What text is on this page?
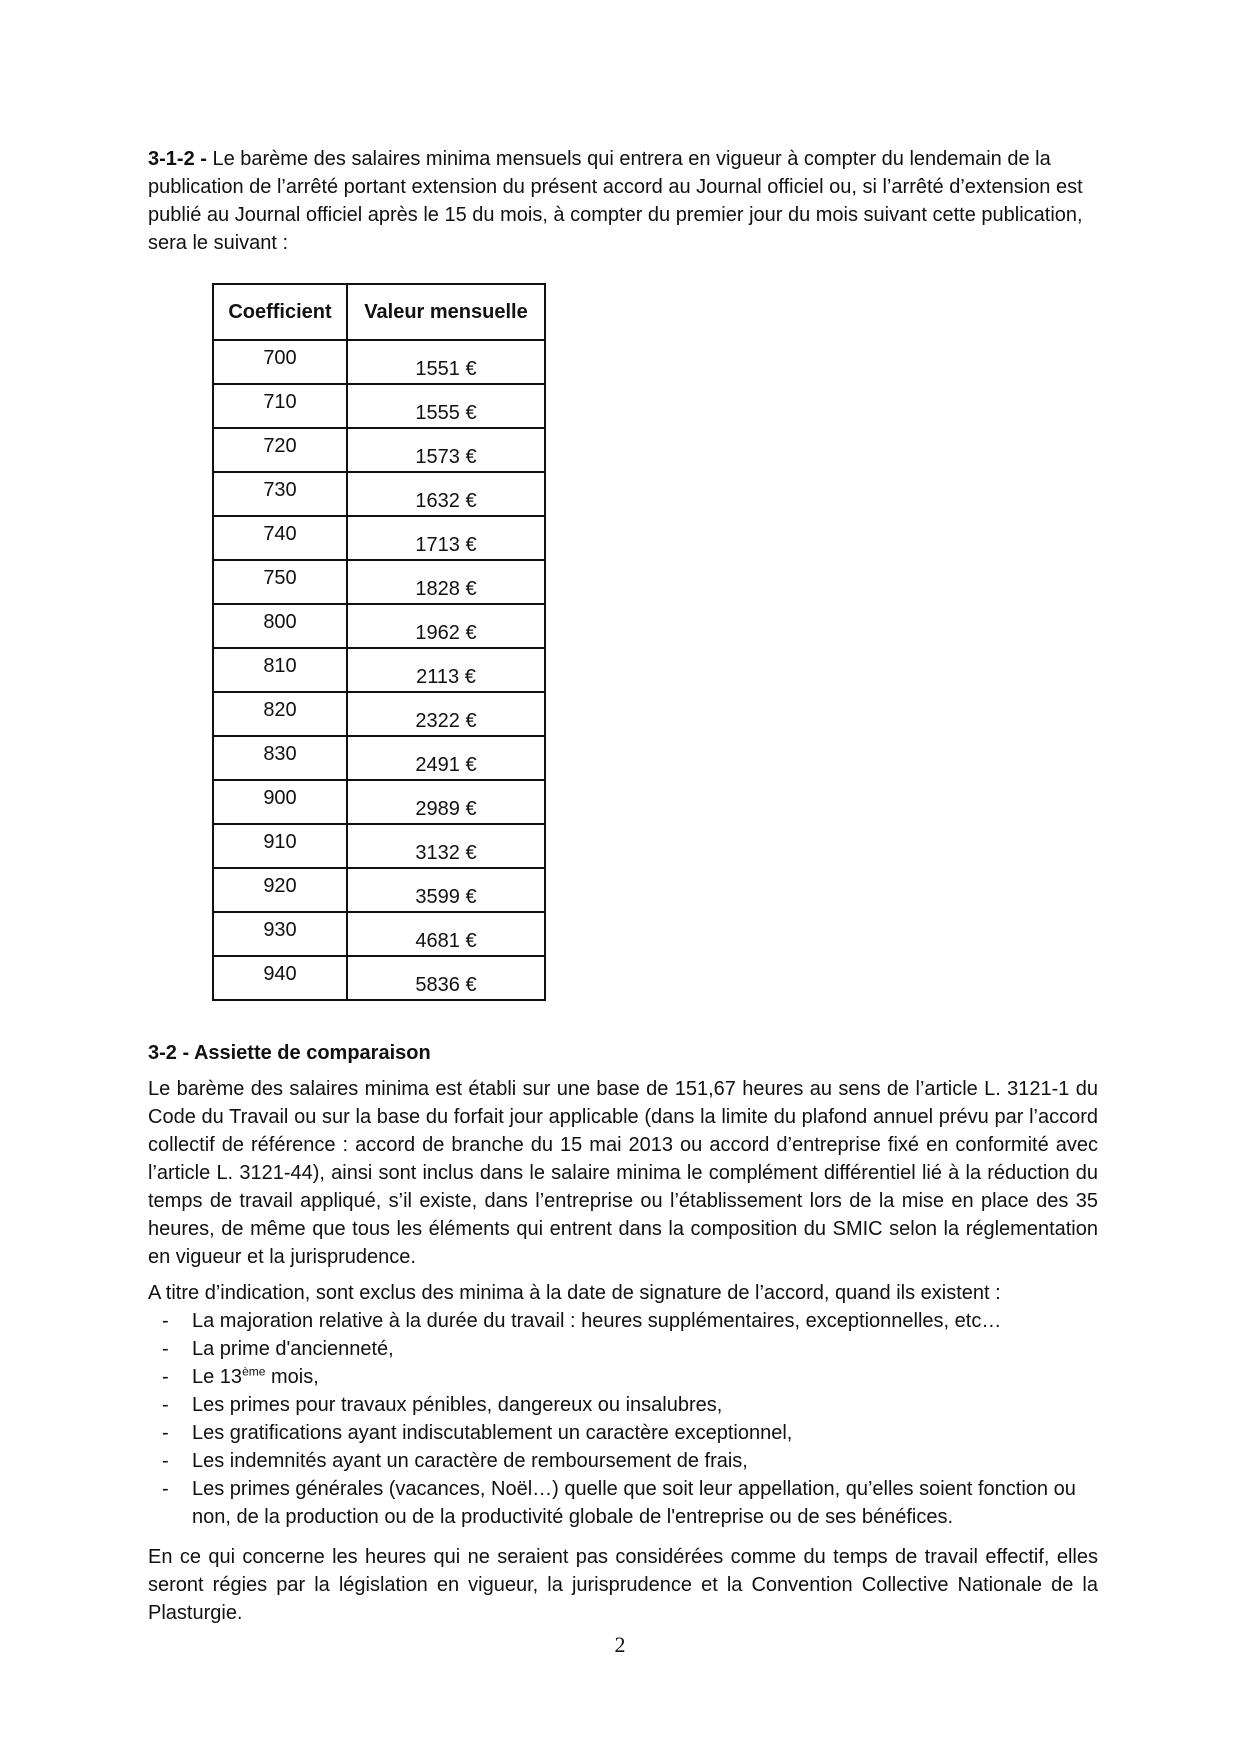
3-1-2 - Le barème des salaires minima mensuels qui entrera en vigueur à compter du lendemain de la publication de l’arrêté portant extension du présent accord au Journal officiel ou, si l’arrêté d’extension est publié au Journal officiel après le 15 du mois, à compter du premier jour du mois suivant cette publication, sera le suivant :

Coefficient	Valeur mensuelle
700	1551 €
710	1555 €
720	1573 €
730	1632 €
740	1713 €
750	1828 €
800	1962 €
810	2113 €
820	2322 €
830	2491 €
900	2989 €
910	3132 €
920	3599 €
930	4681 €
940	5836 €
3-2 - Assiette de comparaison

Le barème des salaires minima est établi sur une base de 151,67 heures au sens de l’article L. 3121-1 du Code du Travail ou sur la base du forfait jour applicable (dans la limite du plafond annuel prévu par l’accord collectif de référence : accord de branche du 15 mai 2013 ou accord d’entreprise fixé en conformité avec l’article L. 3121-44), ainsi sont inclus dans le salaire minima le complément différentiel lié à la réduction du temps de travail appliqué, s’il existe, dans l’entreprise ou l’établissement lors de la mise en place des 35 heures, de même que tous les éléments qui entrent dans la composition du SMIC selon la réglementation en vigueur et la jurisprudence.

A titre d’indication, sont exclus des minima à la date de signature de l’accord, quand ils existent :

- La majoration relative à la durée du travail : heures supplémentaires, exceptionnelles, etc…
- La prime d'ancienneté,
- Le 13ème mois,
- Les primes pour travaux pénibles, dangereux ou insalubres,
- Les gratifications ayant indiscutablement un caractère exceptionnel,
- Les indemnités ayant un caractère de remboursement de frais,
- Les primes générales (vacances, Noël…) quelle que soit leur appellation, qu’elles soient fonction ou non, de la production ou de la productivité globale de l'entreprise ou de ses bénéfices.

En ce qui concerne les heures qui ne seraient pas considérées comme du temps de travail effectif, elles seront régies par la législation en vigueur, la jurisprudence et la Convention Collective Nationale de la Plasturgie.

2
